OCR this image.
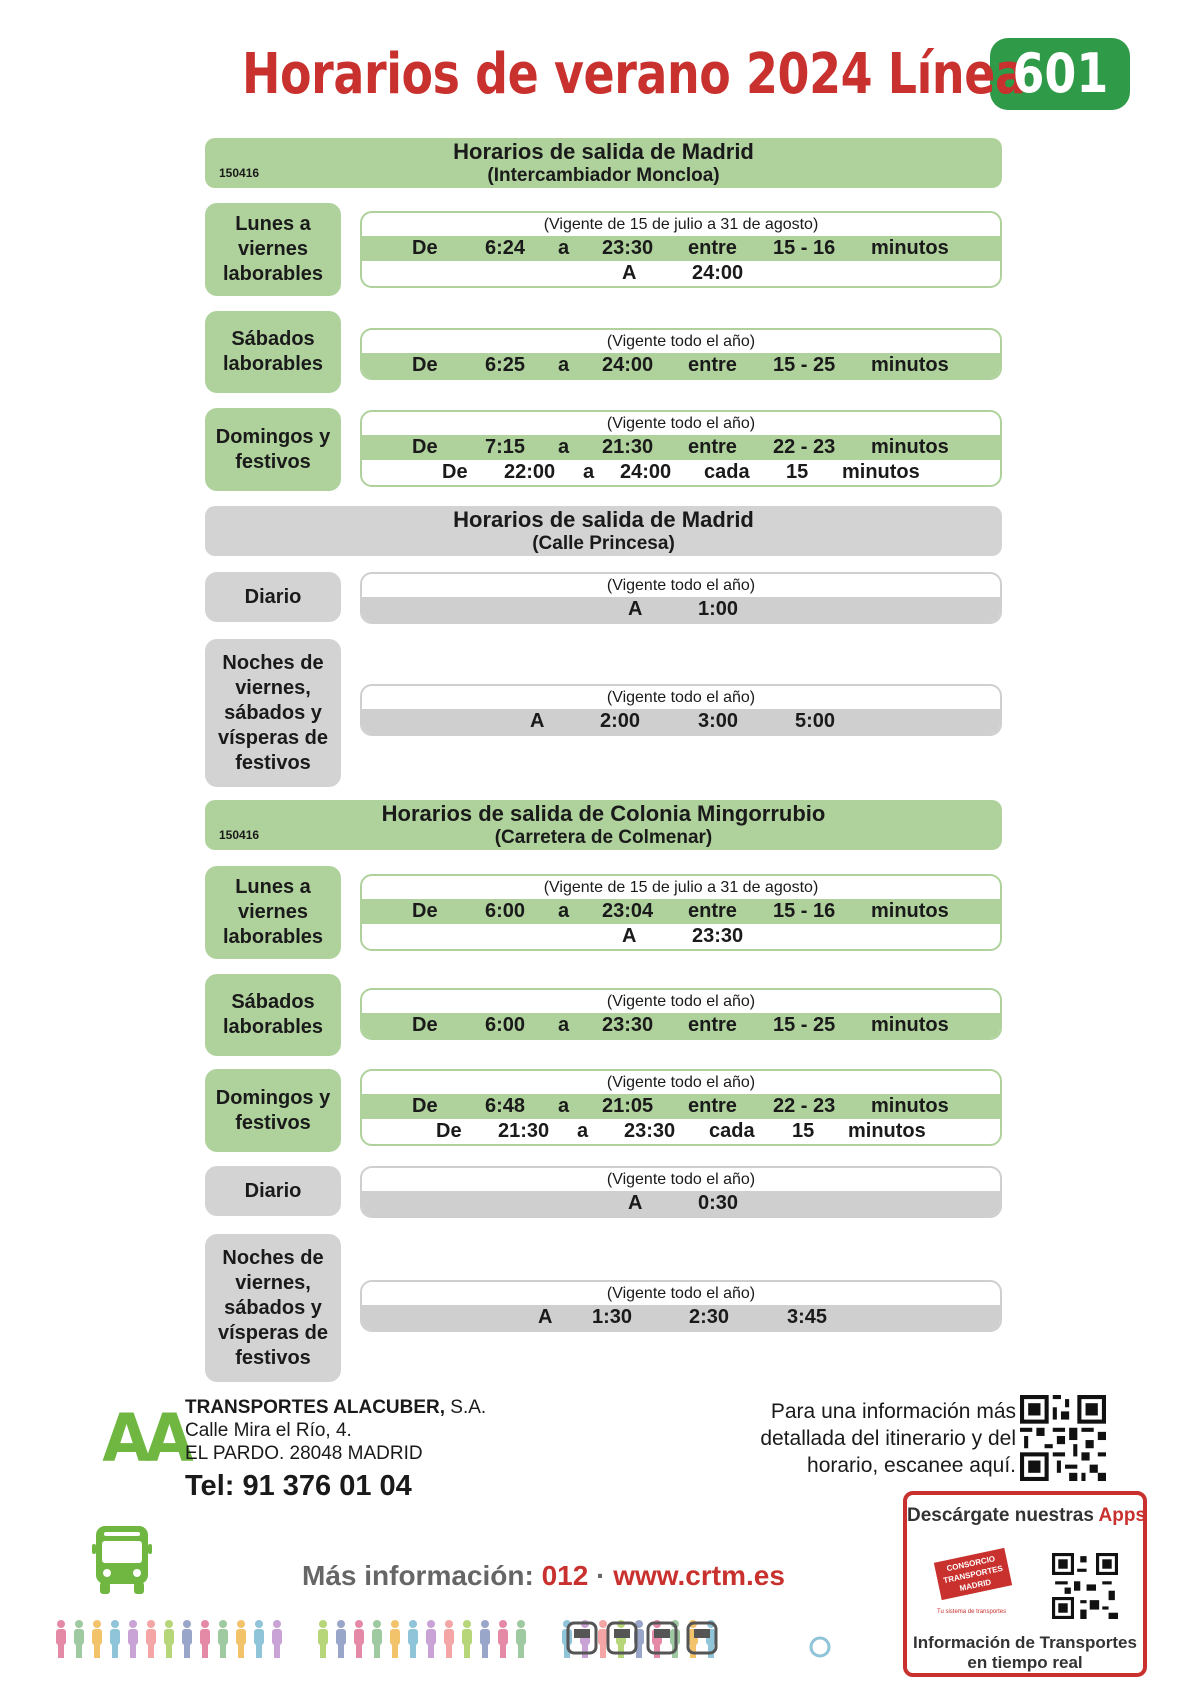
Horarios de verano 2024 Línea 601
Horarios de salida de Madrid
(Intercambiador Moncloa)
150416
Lunes a viernes laborables
(Vigente de 15 de julio a 31 de agosto)
De 6:24 a 23:30 entre 15 - 16 minutos
A	24:00
Sábados laborables
(Vigente todo el año)
De 6:25 a 24:00 entre 15 - 25 minutos
Domingos y festivos
(Vigente todo el año)
De 7:15 a 21:30 entre 22 - 23 minutos
De 22:00 a 24:00 cada 15 minutos
Horarios de salida de Madrid
(Calle Princesa)
Diario	(Vigente todo el año)
A	1:00
Noches de viernes, sábados y vísperas de festivos
(Vigente todo el año)
A	2:00	3:00	5:00
Horarios de salida de Colonia Mingorrubio
(Carretera de Colmenar)
150416
Lunes a viernes laborables
(Vigente de 15 de julio a 31 de agosto)
De 6:00 a 23:04 entre 15 - 16 minutos
A	23:30
Sábados laborables
(Vigente todo el año)
De 6:00 a 23:30 entre 15 - 25 minutos
Domingos y festivos
(Vigente todo el año)
De 6:48 a 21:05 entre 22 - 23 minutos
De 21:30 a 23:30 cada 15 minutos
Diario	(Vigente todo el año)
A	0:30
Noches de viernes, sábados y vísperas de festivos
(Vigente todo el año)
A 1:30	2:30	3:45
AA
TRANSPORTES ALACUBER, S.A.
Calle Mira el Río, 4.
EL PARDO. 28048 MADRID
Tel: 91 376 01 04
Para una información más detallada del itinerario y del horario, escanee aquí.
Más información: 012 · www.crtm.es
Descárgate nuestras Apps
CONSORCIO TRANSPORTES MADRID
Tu sistema de transportes
Información de Transportes en tiempo real
